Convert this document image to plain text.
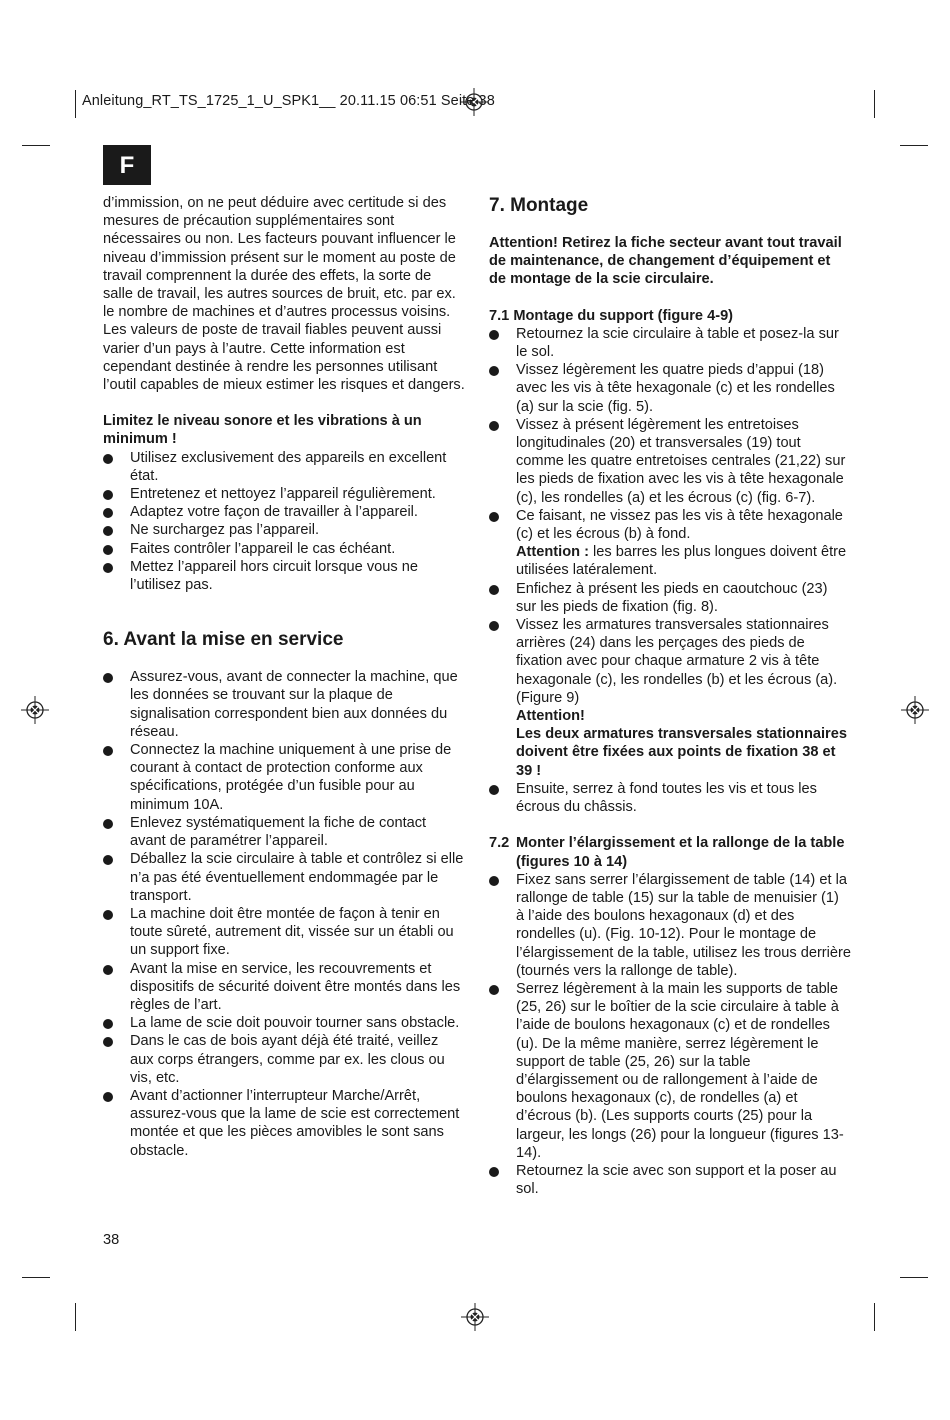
Anleitung_RT_TS_1725_1_U_SPK1__ 20.11.15 06:51 Seite 38
F

d’immission, on ne peut déduire avec certitude si des mesures de précaution supplémentaires sont nécessaires ou non. Les facteurs pouvant influencer le niveau d’immission présent sur le moment au poste de travail comprennent la durée des effets, la sorte de salle de travail, les autres sources de bruit, etc. par ex. le nombre de machines et d’autres processus voisins. Les valeurs de poste de travail fiables peuvent aussi varier d’un pays à l’autre. Cette information est cependant destinée à rendre les personnes utilisant l’outil capables de mieux estimer les risques et dangers.

Limitez le niveau sonore et les vibrations à un minimum !

Utilisez exclusivement des appareils en excellent état.
Entretenez et nettoyez l’appareil régulièrement.
Adaptez votre façon de travailler à l’appareil.
Ne surchargez pas l’appareil.
Faites contrôler l’appareil le cas échéant.
Mettez l’appareil hors circuit lorsque vous ne l’utilisez pas.

6. Avant la mise en service

Assurez-vous, avant de connecter la machine, que les données se trouvant sur la plaque de signalisation correspondent bien aux données du réseau.
Connectez la machine uniquement à une prise de courant à contact de protection conforme aux spécifications, protégée d’un fusible pour au minimum 10A.
Enlevez systématiquement la fiche de contact avant de paramétrer l’appareil.
Déballez la scie circulaire à table et contrôlez si elle n’a pas été éventuellement endommagée par le transport.
La machine doit être montée de façon à tenir en toute sûreté, autrement dit, vissée sur un établi ou un support fixe.
Avant la mise en service, les recouvrements et dispositifs de sécurité doivent être montés dans les règles de l’art.
La lame de scie doit pouvoir tourner sans obstacle.
Dans le cas de bois ayant déjà été traité, veillez aux corps étrangers, comme par ex. les clous ou vis, etc.
Avant d’actionner l’interrupteur Marche/Arrêt, assurez-vous que la lame de scie est correctement montée et que les pièces amovibles le sont sans obstacle.

7. Montage

Attention! Retirez la fiche secteur avant tout travail de maintenance, de changement d’équipement et de montage de la scie circulaire.

7.1 Montage du support (figure 4-9)

Retournez la scie circulaire à table et posez-la sur le sol.
Vissez légèrement les quatre pieds d’appui (18) avec les vis à tête hexagonale (c) et les rondelles (a) sur la scie (fig. 5).
Vissez à présent légèrement les entretoises longitudinales (20) et transversales (19) tout comme les quatre entretoises centrales (21,22) sur les pieds de fixation avec les vis à tête hexagonale (c), les rondelles (a) et les écrous (c) (fig. 6-7).
Ce faisant, ne vissez pas les vis à tête hexagonale (c) et les écrous (b) à fond.
Attention : les barres les plus longues doivent être utilisées latéralement.
Enfichez à présent les pieds en caoutchouc (23) sur les pieds de fixation (fig. 8).
Vissez les armatures transversales stationnaires arrières (24) dans les perçages des pieds de fixation avec pour chaque armature 2 vis à tête hexagonale (c), les rondelles (b) et les écrous (a). (Figure 9)
Attention!
Les deux armatures transversales stationnaires doivent être fixées aux points de fixation 38 et 39 !
Ensuite, serrez à fond toutes les vis et tous les écrous du châssis.
7.2 Monter l’élargissement et la rallonge de la table (figures 10 à 14)
Fixez sans serrer l’élargissement de table (14) et la rallonge de table (15) sur la table de menuisier (1) à l’aide des boulons hexagonaux (d) et des rondelles (u). (Fig. 10-12). Pour le montage de l’élargissement de la table, utilisez les trous derrière (tournés vers la rallonge de table).
Serrez légèrement à la main les supports de table (25, 26) sur le boîtier de la scie circulaire à table à l’aide de boulons hexagonaux (c) et de rondelles (u). De la même manière, serrez légèrement le support de table (25, 26) sur la table d’élargissement ou de rallongement à l’aide de boulons hexagonaux (c), de rondelles (a) et d’écrous (b). (Les supports courts (25) pour la largeur, les longs (26) pour la longueur (figures 13-14).
Retournez la scie avec son support et la poser au sol.
38
